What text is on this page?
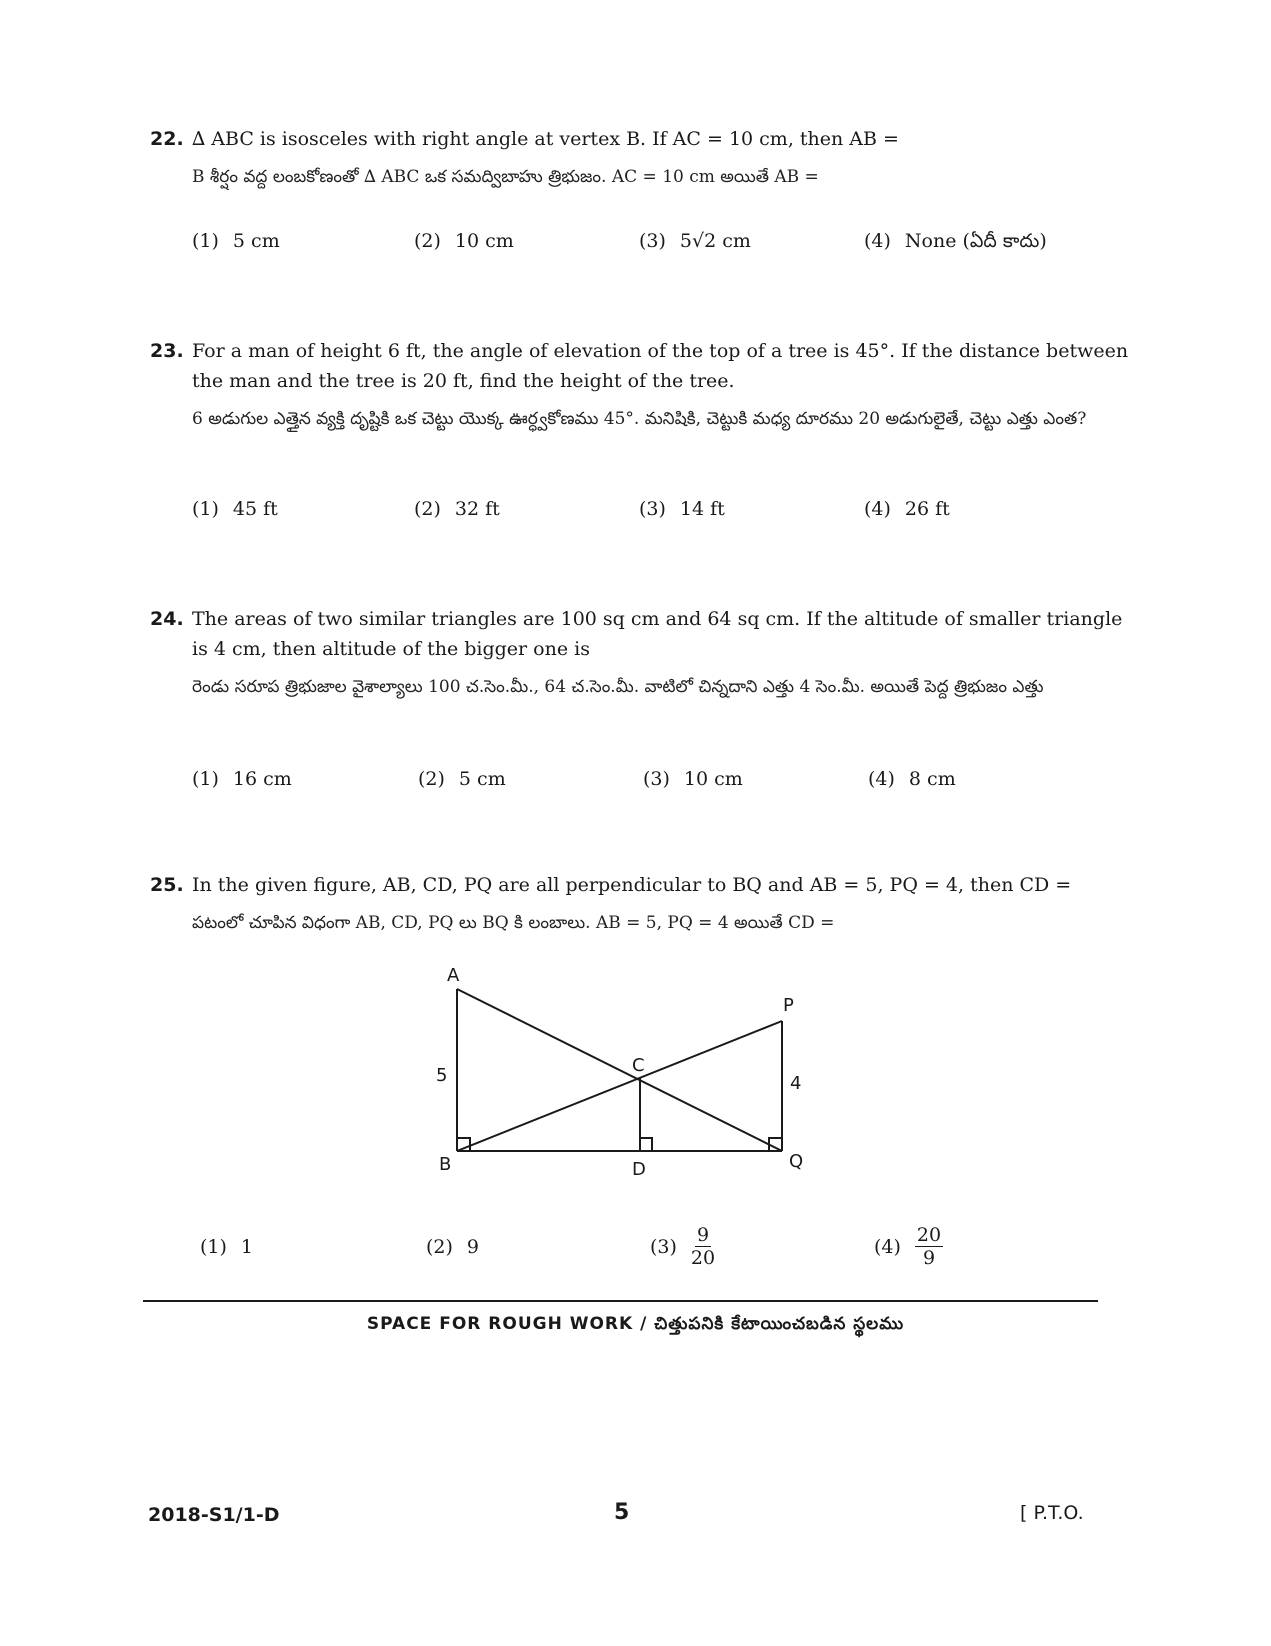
22. ∆ ABC is isosceles with right angle at vertex B. If AC = 10 cm, then AB =
B శీర్షం వద్ద లంబకోణంతో ∆ ABC ఒక సమద్విబాహు త్రిభుజం. AC = 10 cm అయితే AB =
(1) 5 cm	(2) 10 cm	(3) 5√2 cm	(4) None (ఏదీ కాదు)
23. For a man of height 6 ft, the angle of elevation of the top of a tree is 45°. If the distance between the man and the tree is 20 ft, find the height of the tree.
6 అడుగుల ఎత్తైన వ్యక్తి దృష్టికి ఒక చెట్టు యొక్క ఊర్ధ్వకోణము 45°. మనిషికి, చెట్టుకి మధ్య దూరము 20 అడుగులైతే, చెట్టు ఎత్తు ఎంత?
(1) 45 ft	(2) 32 ft	(3) 14 ft	(4) 26 ft
24. The areas of two similar triangles are 100 sq cm and 64 sq cm. If the altitude of smaller triangle is 4 cm, then altitude of the bigger one is
రెండు సరూప త్రిభుజాల వైశాల్యాలు 100 చ.సెం.మీ., 64 చ.సెం.మీ. వాటిలో చిన్నదాని ఎత్తు 4 సెం.మీ. అయితే పెద్ద త్రిభుజం ఎత్తు
(1) 16 cm	(2) 5 cm	(3) 10 cm	(4) 8 cm
25. In the given figure, AB, CD, PQ are all perpendicular to BQ and AB = 5, PQ = 4, then CD =
పటంలో చూపిన విధంగా AB, CD, PQ లు BQ కి లంబాలు. AB = 5, PQ = 4 అయితే CD =
A
P
C
5	4
B	D	Q
(1) 1	(2) 9	$(3) \frac{9}{20}$	$(4) \frac{20}{9}$
SPACE FOR ROUGH WORK / చిత్తుపనికి కేటాయించబడిన స్థలము
2018-S1/1-D	5	[ P.T.O.
